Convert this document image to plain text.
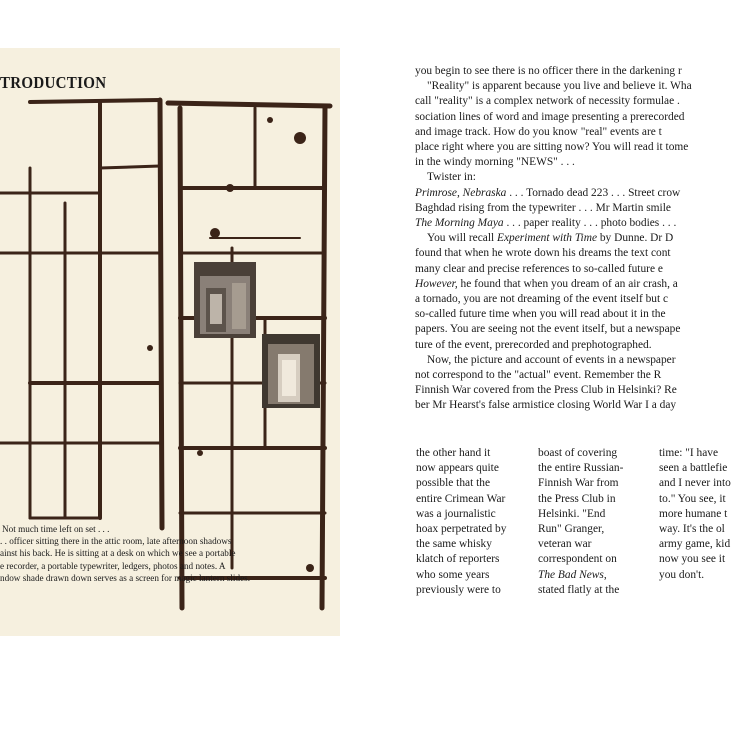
TRODUCTION
Not much time left on set . . .
. . officer sitting there in the attic room, late afternoon shadows
ainst his back. He is sitting at a desk on which we see a portable
e recorder, a portable typewriter, ledgers, photos and notes. A
ndow shade drawn down serves as a screen for magic lantern slides.
you begin to see there is no officer there in the darkening r
"Reality" is apparent because you live and believe it. Wha
call "reality" is a complex network of necessity formulae .
sociation lines of word and image presenting a prerecorded
and image track. How do you know "real" events are t
place right where you are sitting now? You will read it tome
in the windy morning "NEWS" . . .
Twister in:
Primrose, Nebraska . . . Tornado dead 223 . . . Street crow
Baghdad rising from the typewriter . . . Mr Martin smile
The Morning Maya . . . paper reality . . . photo bodies . . .
You will recall Experiment with Time by Dunne. Dr D
found that when he wrote down his dreams the text cont
many clear and precise references to so-called future e
However, he found that when you dream of an air crash, a
a tornado, you are not dreaming of the event itself but c
so-called future time when you will read about it in the
papers. You are seeing not the event itself, but a newspape
ture of the event, prerecorded and prephotographed.
Now, the picture and account of events in a newspaper
not correspond to the "actual" event. Remember the R
Finnish War covered from the Press Club in Helsinki? Re
ber Mr Hearst's false armistice closing World War I a day
the other hand it
now appears quite
possible that the
entire Crimean War
was a journalistic
hoax perpetrated by
the same whisky
klatch of reporters
who some years
previously were to
boast of covering
the entire Russian-
Finnish War from
the Press Club in
Helsinki. "End
Run" Granger,
veteran war
correspondent on
The Bad News,
stated flatly at the
time: "I have
seen a battlefie
and I never into
to." You see, it
more humane t
way. It's the ol
army game, kid
now you see it
you don't.
